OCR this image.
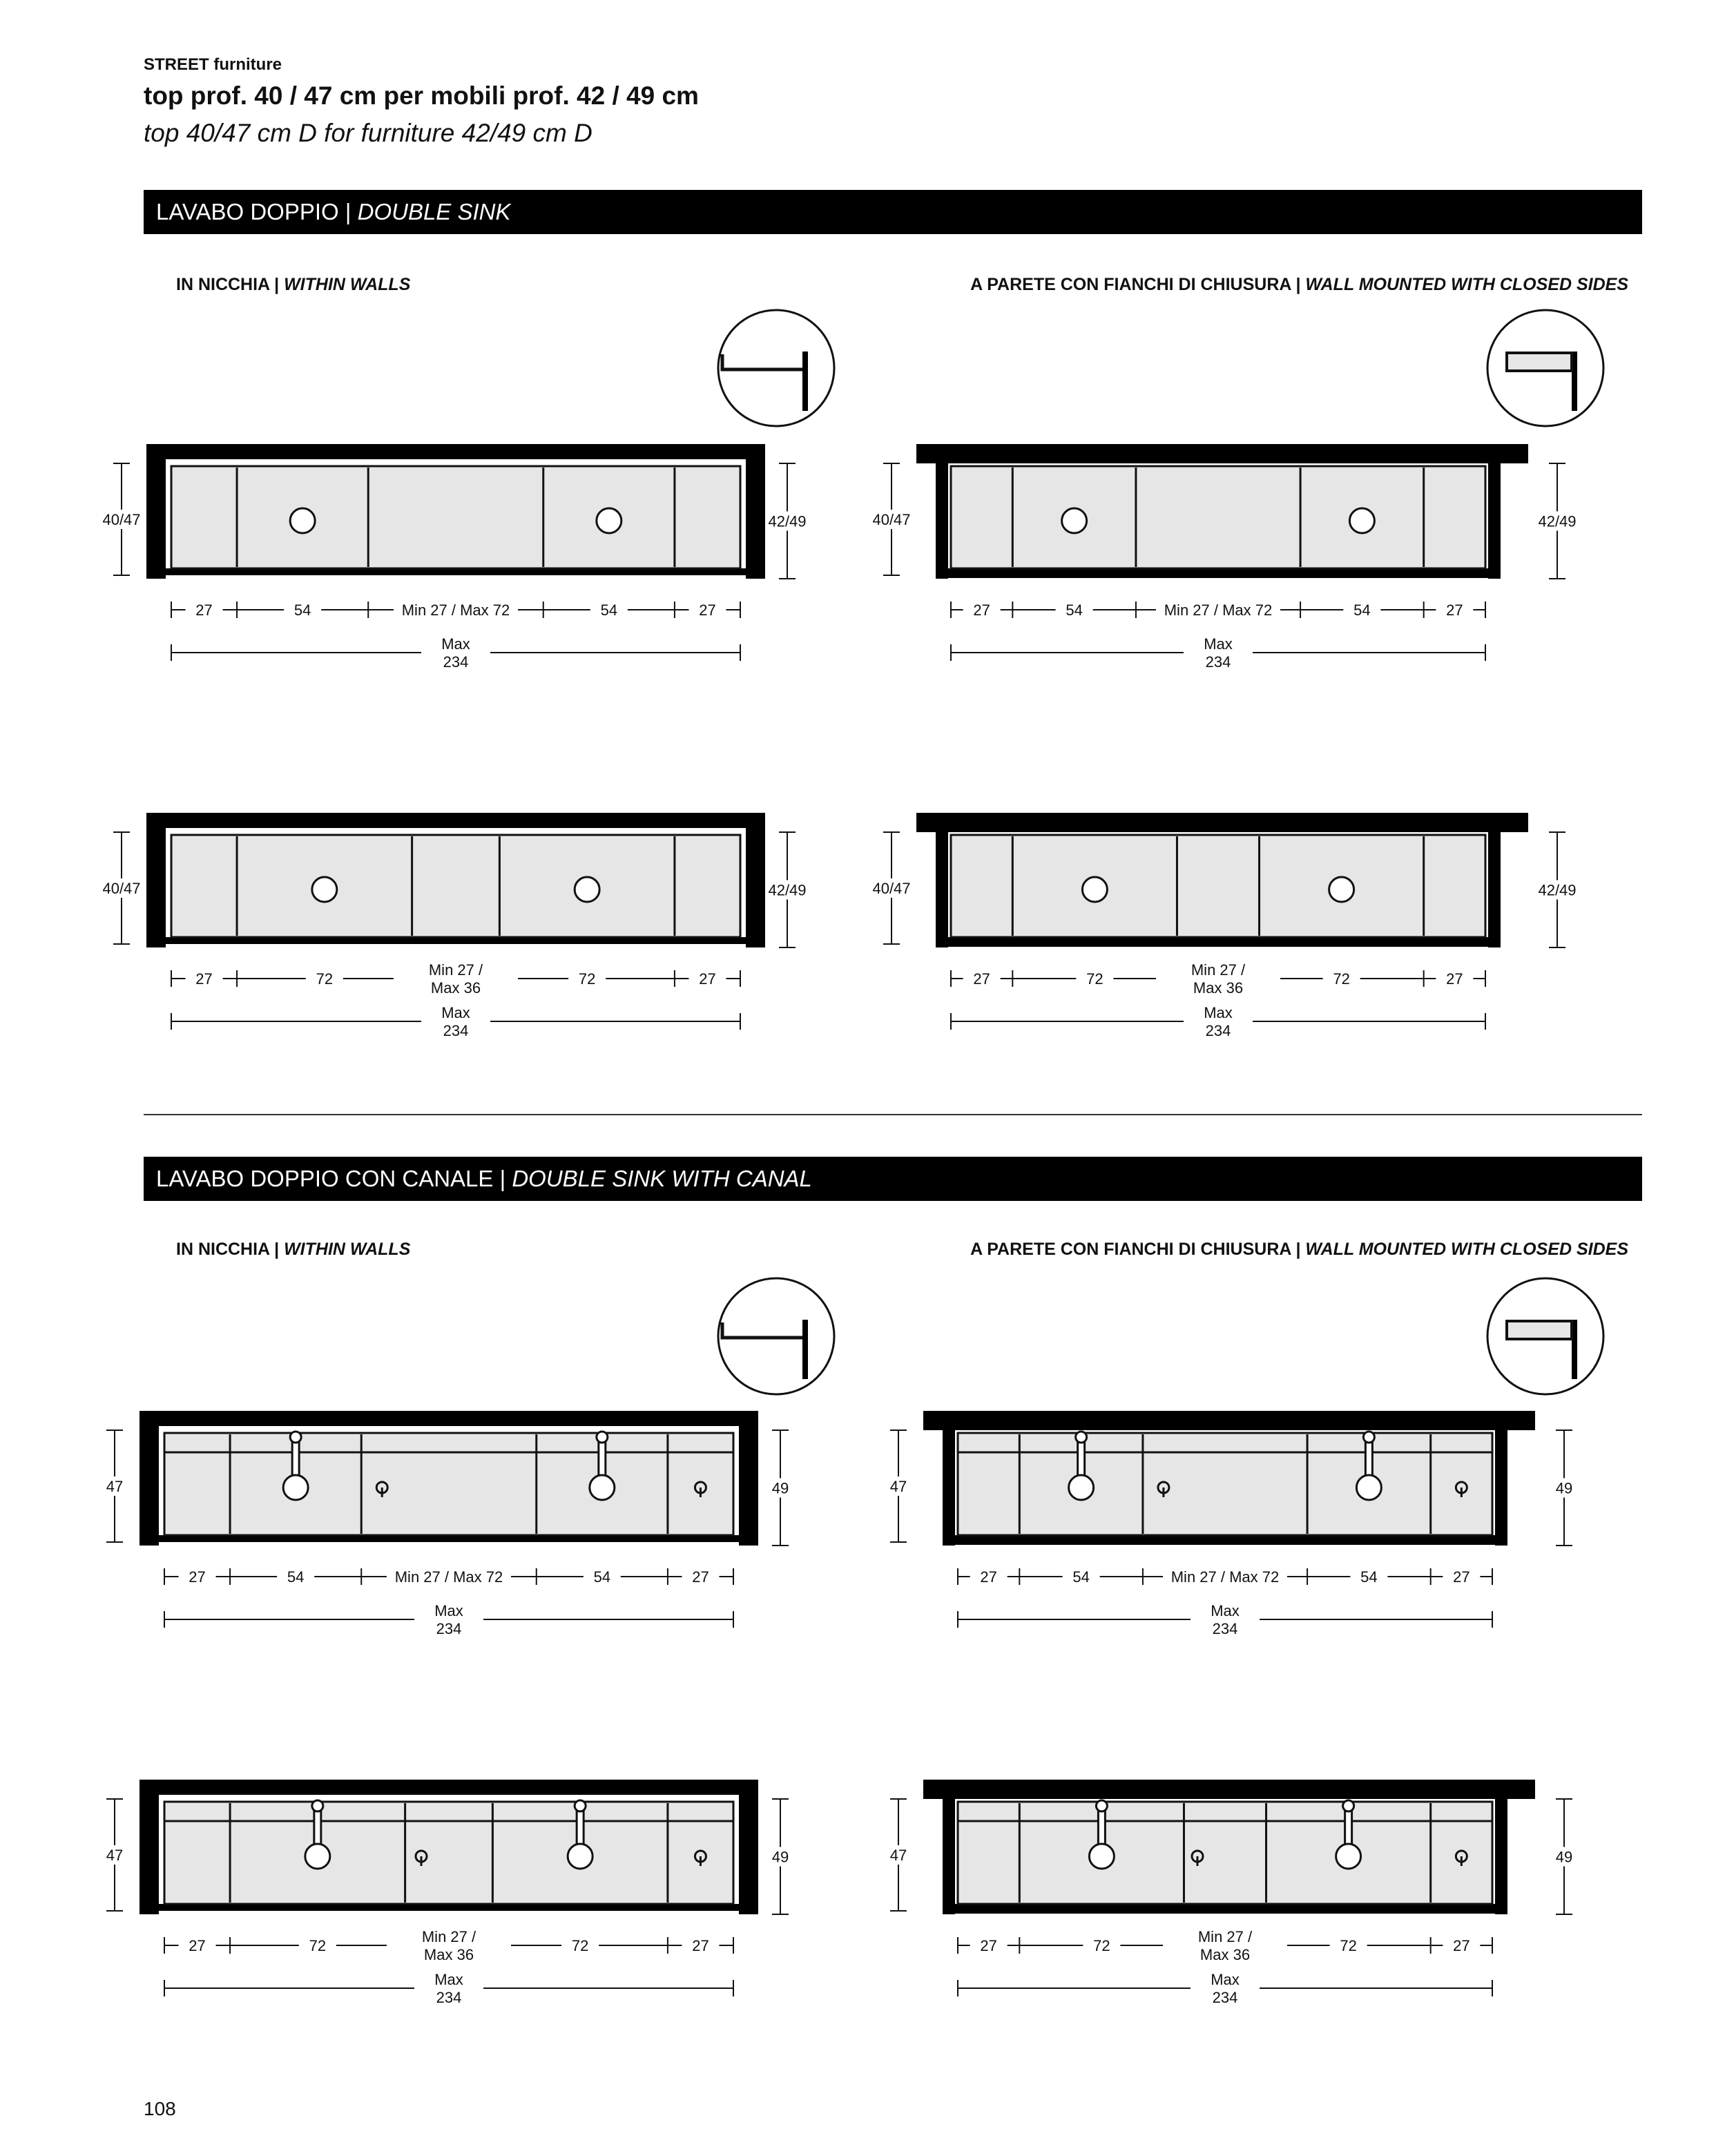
STREET furniture
top prof. 40 / 47 cm per mobili prof. 42 / 49 cm
top 40/47 cm D for furniture 42/49 cm D
LAVABO DOPPIO | DOUBLE SINK
IN NICCHIA | WITHIN WALLS	A PARETE CON FIANCHI DI CHIUSURA | WALL MOUNTED WITH CLOSED SIDES
LAVABO DOPPIO CON CANALE | DOUBLE SINK WITH CANAL
IN NICCHIA | WITHIN WALLS	A PARETE CON FIANCHI DI CHIUSURA | WALL MOUNTED WITH CLOSED SIDES
40/47	42/49
27	54	Min 27 / Max 72	54	27
Max
234
40/47	42/49
27	54	Min 27 / Max 72	54	27
Max
234
40/47	42/49
27	72
Min 27 /
Max 36
72	27
Max
234
40/47	42/49
27	72
Min 27 /
Max 36
72	27
Max
234
47	49
27	54	Min 27 / Max 72	54	27
Max
234
47	49
27	54	Min 27 / Max 72	54	27
Max
234
47	49
27	72
Min 27 /
Max 36
72	27
Max
234
47	49
27	72
Min 27 /
Max 36
72	27
Max
234
108
